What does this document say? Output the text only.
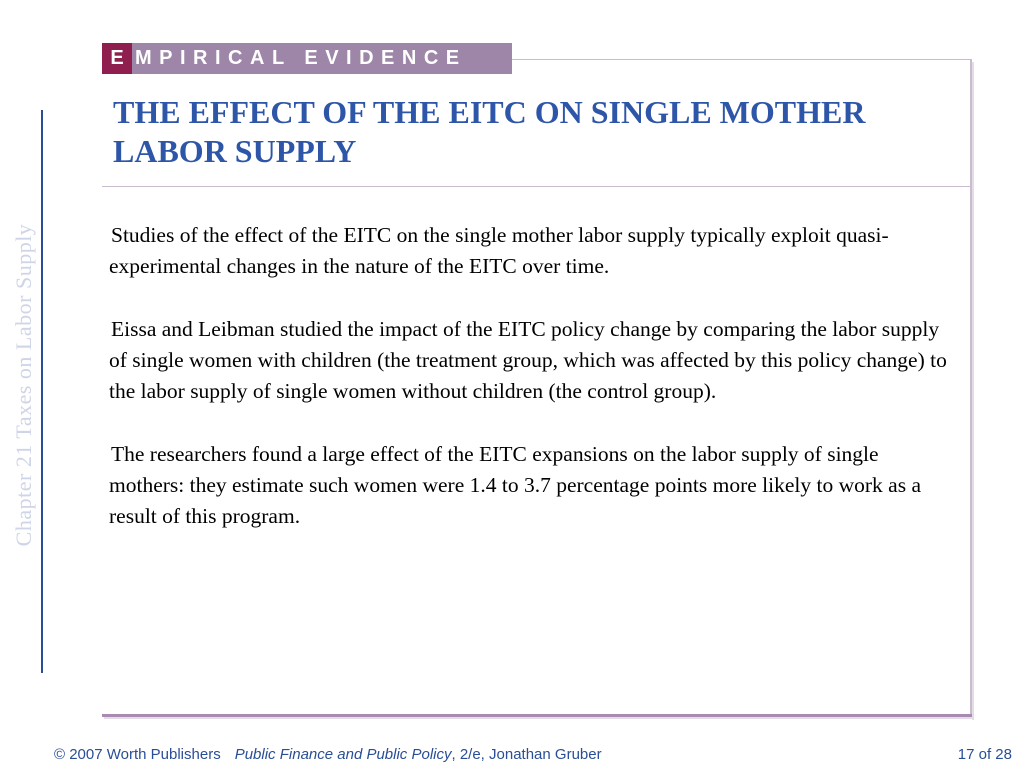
Chapter 21 Taxes on Labor Supply
E MPIRICAL EVIDENCE
THE EFFECT OF THE EITC ON SINGLE MOTHER LABOR SUPPLY

Studies of the effect of the EITC on the single mother labor supply typically exploit quasi-experimental changes in the nature of the EITC over time.

Eissa and Leibman studied the impact of the EITC policy change by comparing the labor supply of single women with children (the treatment group, which was affected by this policy change) to the labor supply of single women without children (the control group).

The researchers found a large effect of the EITC expansions on the labor supply of single mothers: they estimate such women were 1.4 to 3.7 percentage points more likely to work as a result of this program.

© 2007 Worth Publishers Public Finance and Public Policy, 2/e, Jonathan Gruber	17 of 28
